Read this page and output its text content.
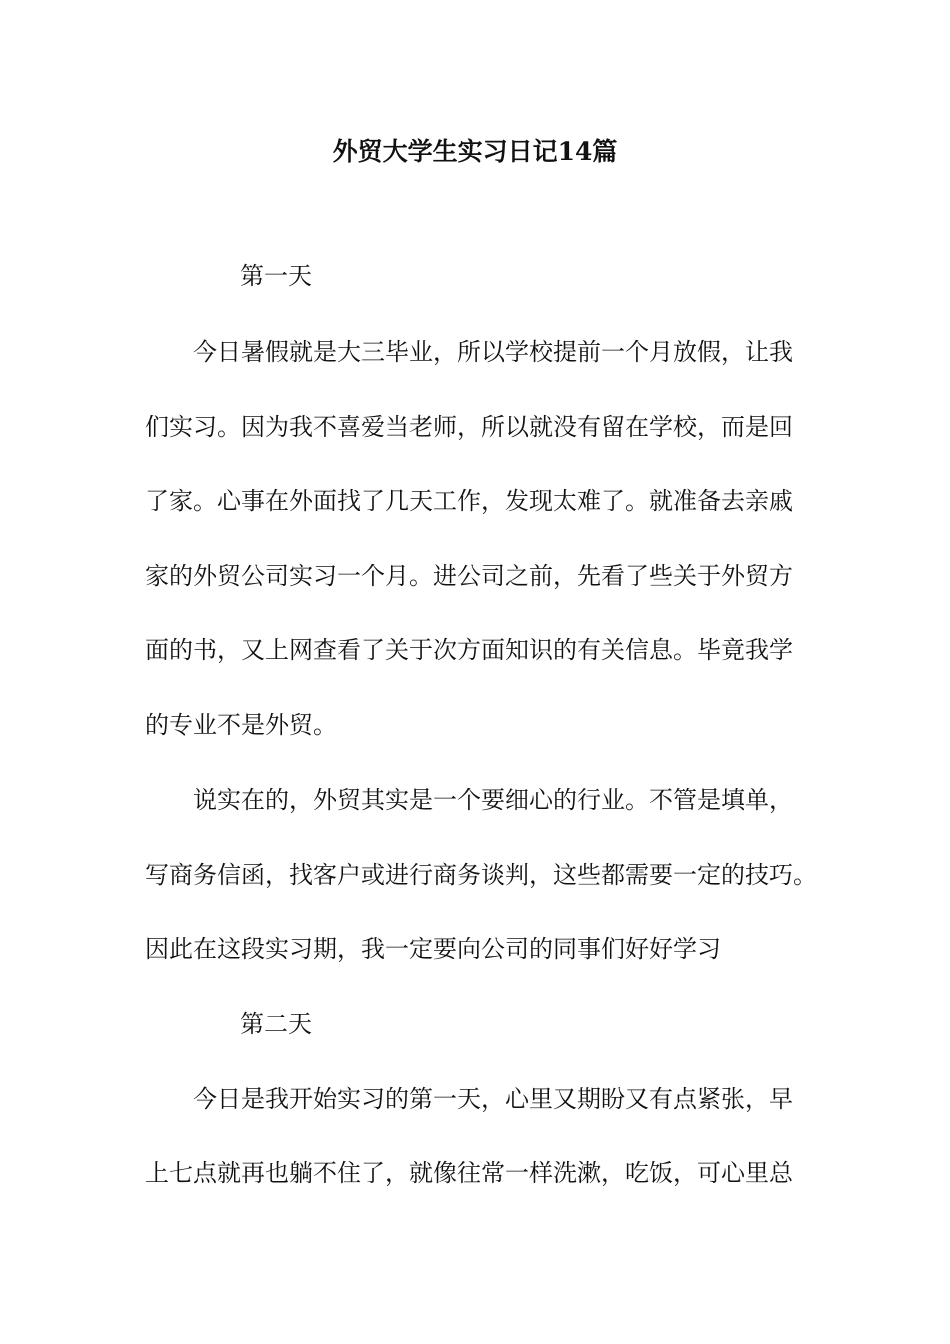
外贸大学生实习日记14篇
第一天
今日暑假就是大三毕业，所以学校提前一个月放假，让我
们实习。因为我不喜爱当老师，所以就没有留在学校，而是回
了家。心事在外面找了几天工作，发现太难了。就准备去亲戚
家的外贸公司实习一个月。进公司之前，先看了些关于外贸方
面的书，又上网查看了关于次方面知识的有关信息。毕竟我学
的专业不是外贸。
说实在的，外贸其实是一个要细心的行业。不管是填单，
写商务信函，找客户或进行商务谈判，这些都需要一定的技巧。
因此在这段实习期，我一定要向公司的同事们好好学习
第二天
今日是我开始实习的第一天，心里又期盼又有点紧张，早
上七点就再也躺不住了，就像往常一样洗漱，吃饭，可心里总
